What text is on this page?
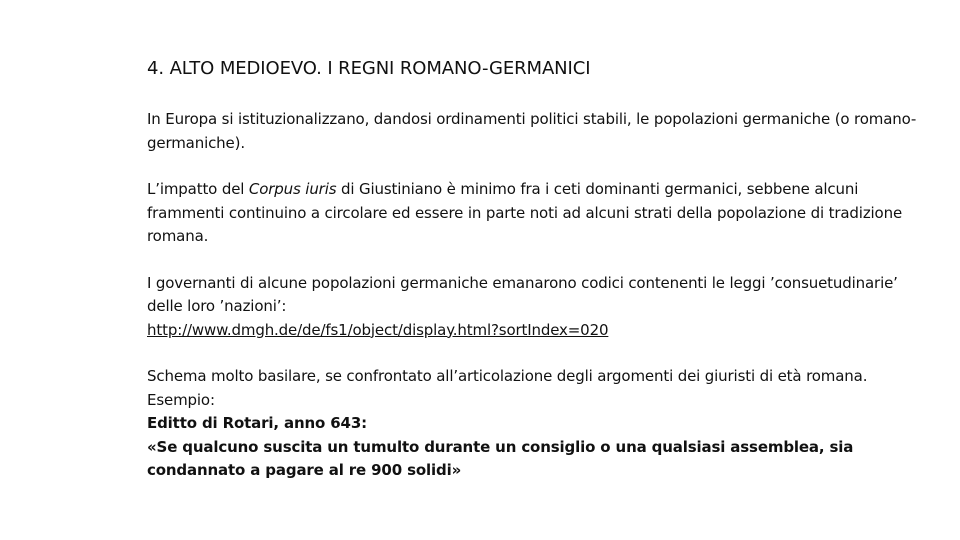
4. ALTO MEDIOEVO. I REGNI ROMANO-GERMANICI

In Europa si istituzionalizzano, dandosi ordinamenti politici stabili, le popolazioni germaniche (o romano-germaniche).

L’impatto del Corpus iuris di Giustiniano è minimo fra i ceti dominanti germanici, sebbene alcuni frammenti continuino a circolare ed essere in parte noti ad alcuni strati della popolazione di tradizione romana.

I governanti di alcune popolazioni germaniche emanarono codici contenenti le leggi ’consuetudinarie’ delle loro ’nazioni’:
http://www.dmgh.de/de/fs1/object/display.html?sortIndex=020

Schema molto basilare, se confrontato all’articolazione degli argomenti dei giuristi di età romana. Esempio:
Editto di Rotari, anno 643:
«Se qualcuno suscita un tumulto durante un consiglio o una qualsiasi assemblea, sia condannato a pagare al re 900 solidi»
